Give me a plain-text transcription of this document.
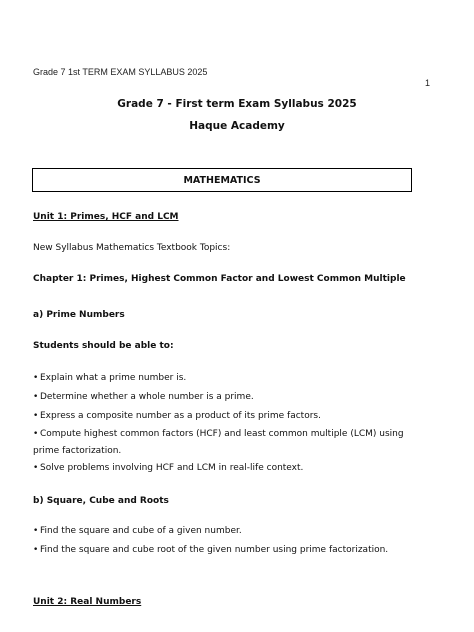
Grade 7 1st TERM EXAM SYLLABUS 2025
1
Grade 7 - First term Exam Syllabus 2025
Haque Academy
MATHEMATICS
Unit 1: Primes, HCF and LCM
New Syllabus Mathematics Textbook Topics:
Chapter 1: Primes, Highest Common Factor and Lowest Common Multiple
a) Prime Numbers
Students should be able to:
• Explain what a prime number is.
• Determine whether a whole number is a prime.
• Express a composite number as a product of its prime factors.
• Compute highest common factors (HCF) and least common multiple (LCM) using prime factorization.
• Solve problems involving HCF and LCM in real-life context.
b) Square, Cube and Roots
• Find the square and cube of a given number.
• Find the square and cube root of the given number using prime factorization.
Unit 2: Real Numbers
